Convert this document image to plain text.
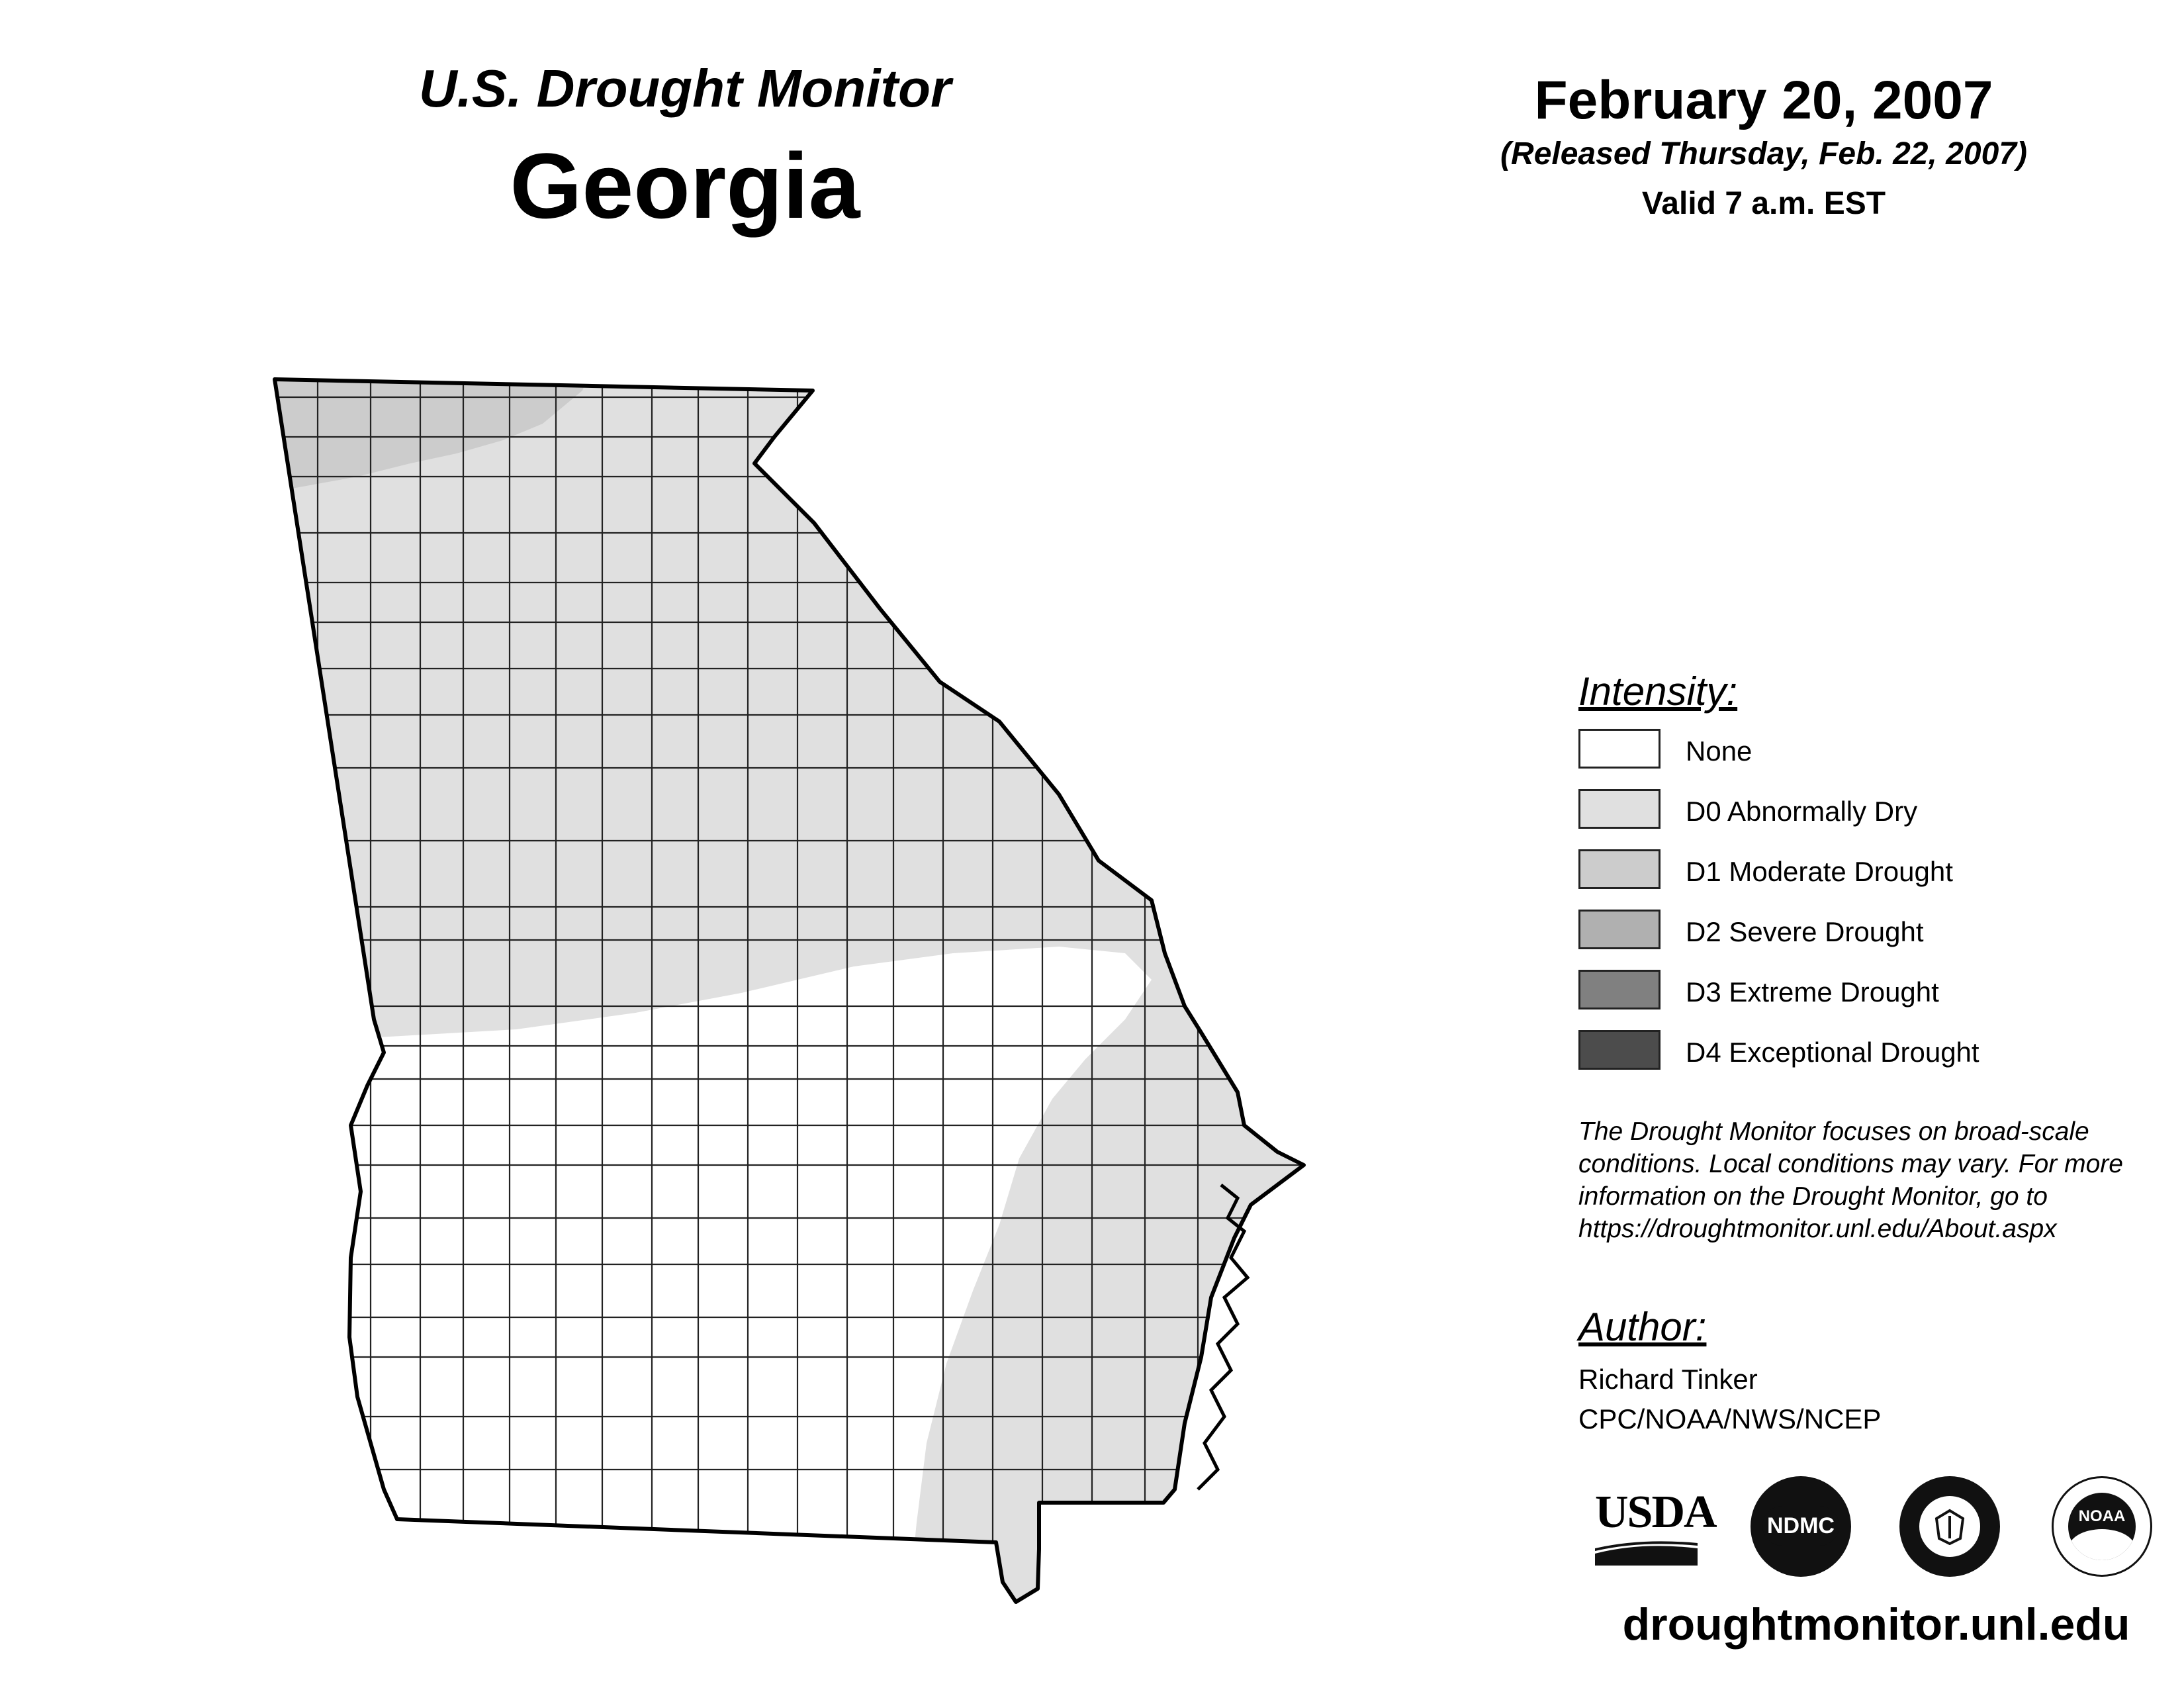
U.S. Drought Monitor
Georgia
February 20, 2007
(Released Thursday, Feb. 22, 2007)
Valid 7 a.m. EST
Intensity:
None
D0 Abnormally Dry
D1 Moderate Drought
D2 Severe Drought
D3 Extreme Drought
D4 Exceptional Drought
The Drought Monitor focuses on broad-scale
conditions. Local conditions may vary. For more
information on the Drought Monitor, go to
https://droughtmonitor.unl.edu/About.aspx
Author:
Richard Tinker
CPC/NOAA/NWS/NCEP
USDA NDMC	NOAA
droughtmonitor.unl.edu
